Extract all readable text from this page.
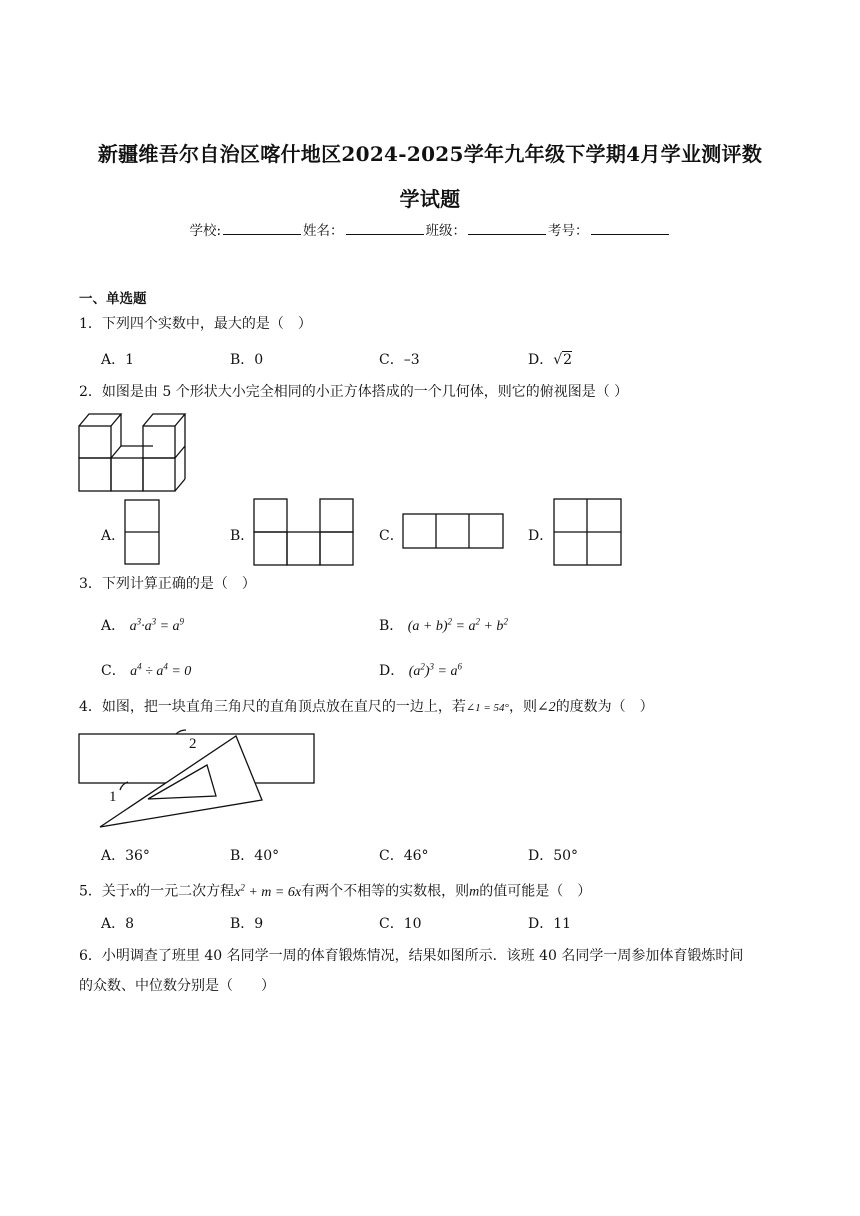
新疆维吾尔自治区喀什地区2024-2025学年九年级下学期4月学业测评数
学试题
学校:	姓名：	班级：	考号：
一、单选题
1．下列四个实数中，最大的是（　）
A．1	B．0	C．–3	D．√2
2．如图是由 5 个形状大小完全相同的小正方体搭成的一个几何体，则它的俯视图是（ ）
A．	B．	C．	D．
3．下列计算正确的是（　）
A． $a^3\cdot a^3 = a^9$	B． $(a + b)^2 = a^2 + b^2$
C． $a^4 \div a^4 = 0$	D． $(a^2)^3 = a^6$
4．如图，把一块直角三角尺的直角顶点放在直尺的一边上，若∠1 = 54°，则∠2的度数为（　）
1
2
A．36°	B．40°	C．46°	D．50°
5．关于x的一元二次方程$x^2 + m = 6x$有两个不相等的实数根，则m的值可能是（　）
A．8	B．9	C．10	D．11
6．小明调查了班里 40 名同学一周的体育锻炼情况，结果如图所示．该班 40 名同学一周参加体育锻炼时间
的众数、中位数分别是（　　）
